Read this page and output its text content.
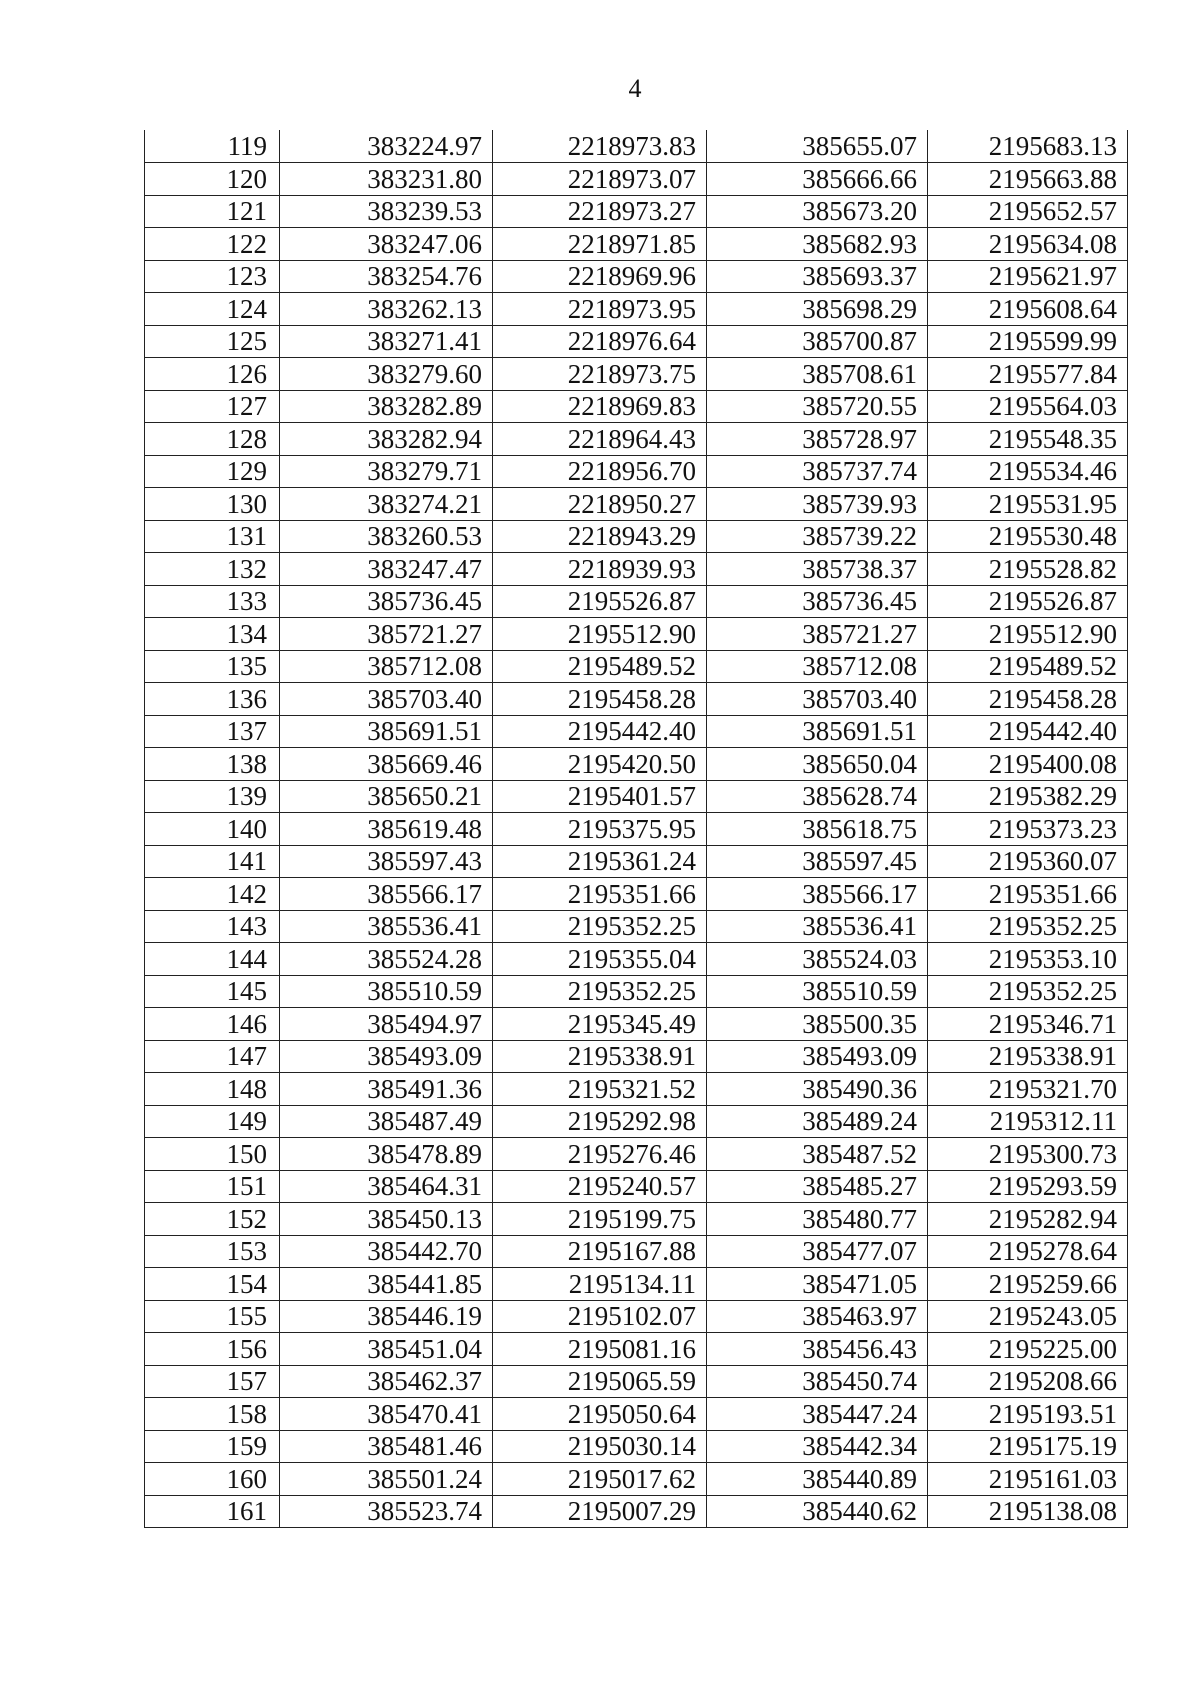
4
119	383224.97	2218973.83	385655.07	2195683.13
120	383231.80	2218973.07	385666.66	2195663.88
121	383239.53	2218973.27	385673.20	2195652.57
122	383247.06	2218971.85	385682.93	2195634.08
123	383254.76	2218969.96	385693.37	2195621.97
124	383262.13	2218973.95	385698.29	2195608.64
125	383271.41	2218976.64	385700.87	2195599.99
126	383279.60	2218973.75	385708.61	2195577.84
127	383282.89	2218969.83	385720.55	2195564.03
128	383282.94	2218964.43	385728.97	2195548.35
129	383279.71	2218956.70	385737.74	2195534.46
130	383274.21	2218950.27	385739.93	2195531.95
131	383260.53	2218943.29	385739.22	2195530.48
132	383247.47	2218939.93	385738.37	2195528.82
133	385736.45	2195526.87	385736.45	2195526.87
134	385721.27	2195512.90	385721.27	2195512.90
135	385712.08	2195489.52	385712.08	2195489.52
136	385703.40	2195458.28	385703.40	2195458.28
137	385691.51	2195442.40	385691.51	2195442.40
138	385669.46	2195420.50	385650.04	2195400.08
139	385650.21	2195401.57	385628.74	2195382.29
140	385619.48	2195375.95	385618.75	2195373.23
141	385597.43	2195361.24	385597.45	2195360.07
142	385566.17	2195351.66	385566.17	2195351.66
143	385536.41	2195352.25	385536.41	2195352.25
144	385524.28	2195355.04	385524.03	2195353.10
145	385510.59	2195352.25	385510.59	2195352.25
146	385494.97	2195345.49	385500.35	2195346.71
147	385493.09	2195338.91	385493.09	2195338.91
148	385491.36	2195321.52	385490.36	2195321.70
149	385487.49	2195292.98	385489.24	2195312.11
150	385478.89	2195276.46	385487.52	2195300.73
151	385464.31	2195240.57	385485.27	2195293.59
152	385450.13	2195199.75	385480.77	2195282.94
153	385442.70	2195167.88	385477.07	2195278.64
154	385441.85	2195134.11	385471.05	2195259.66
155	385446.19	2195102.07	385463.97	2195243.05
156	385451.04	2195081.16	385456.43	2195225.00
157	385462.37	2195065.59	385450.74	2195208.66
158	385470.41	2195050.64	385447.24	2195193.51
159	385481.46	2195030.14	385442.34	2195175.19
160	385501.24	2195017.62	385440.89	2195161.03
161	385523.74	2195007.29	385440.62	2195138.08
